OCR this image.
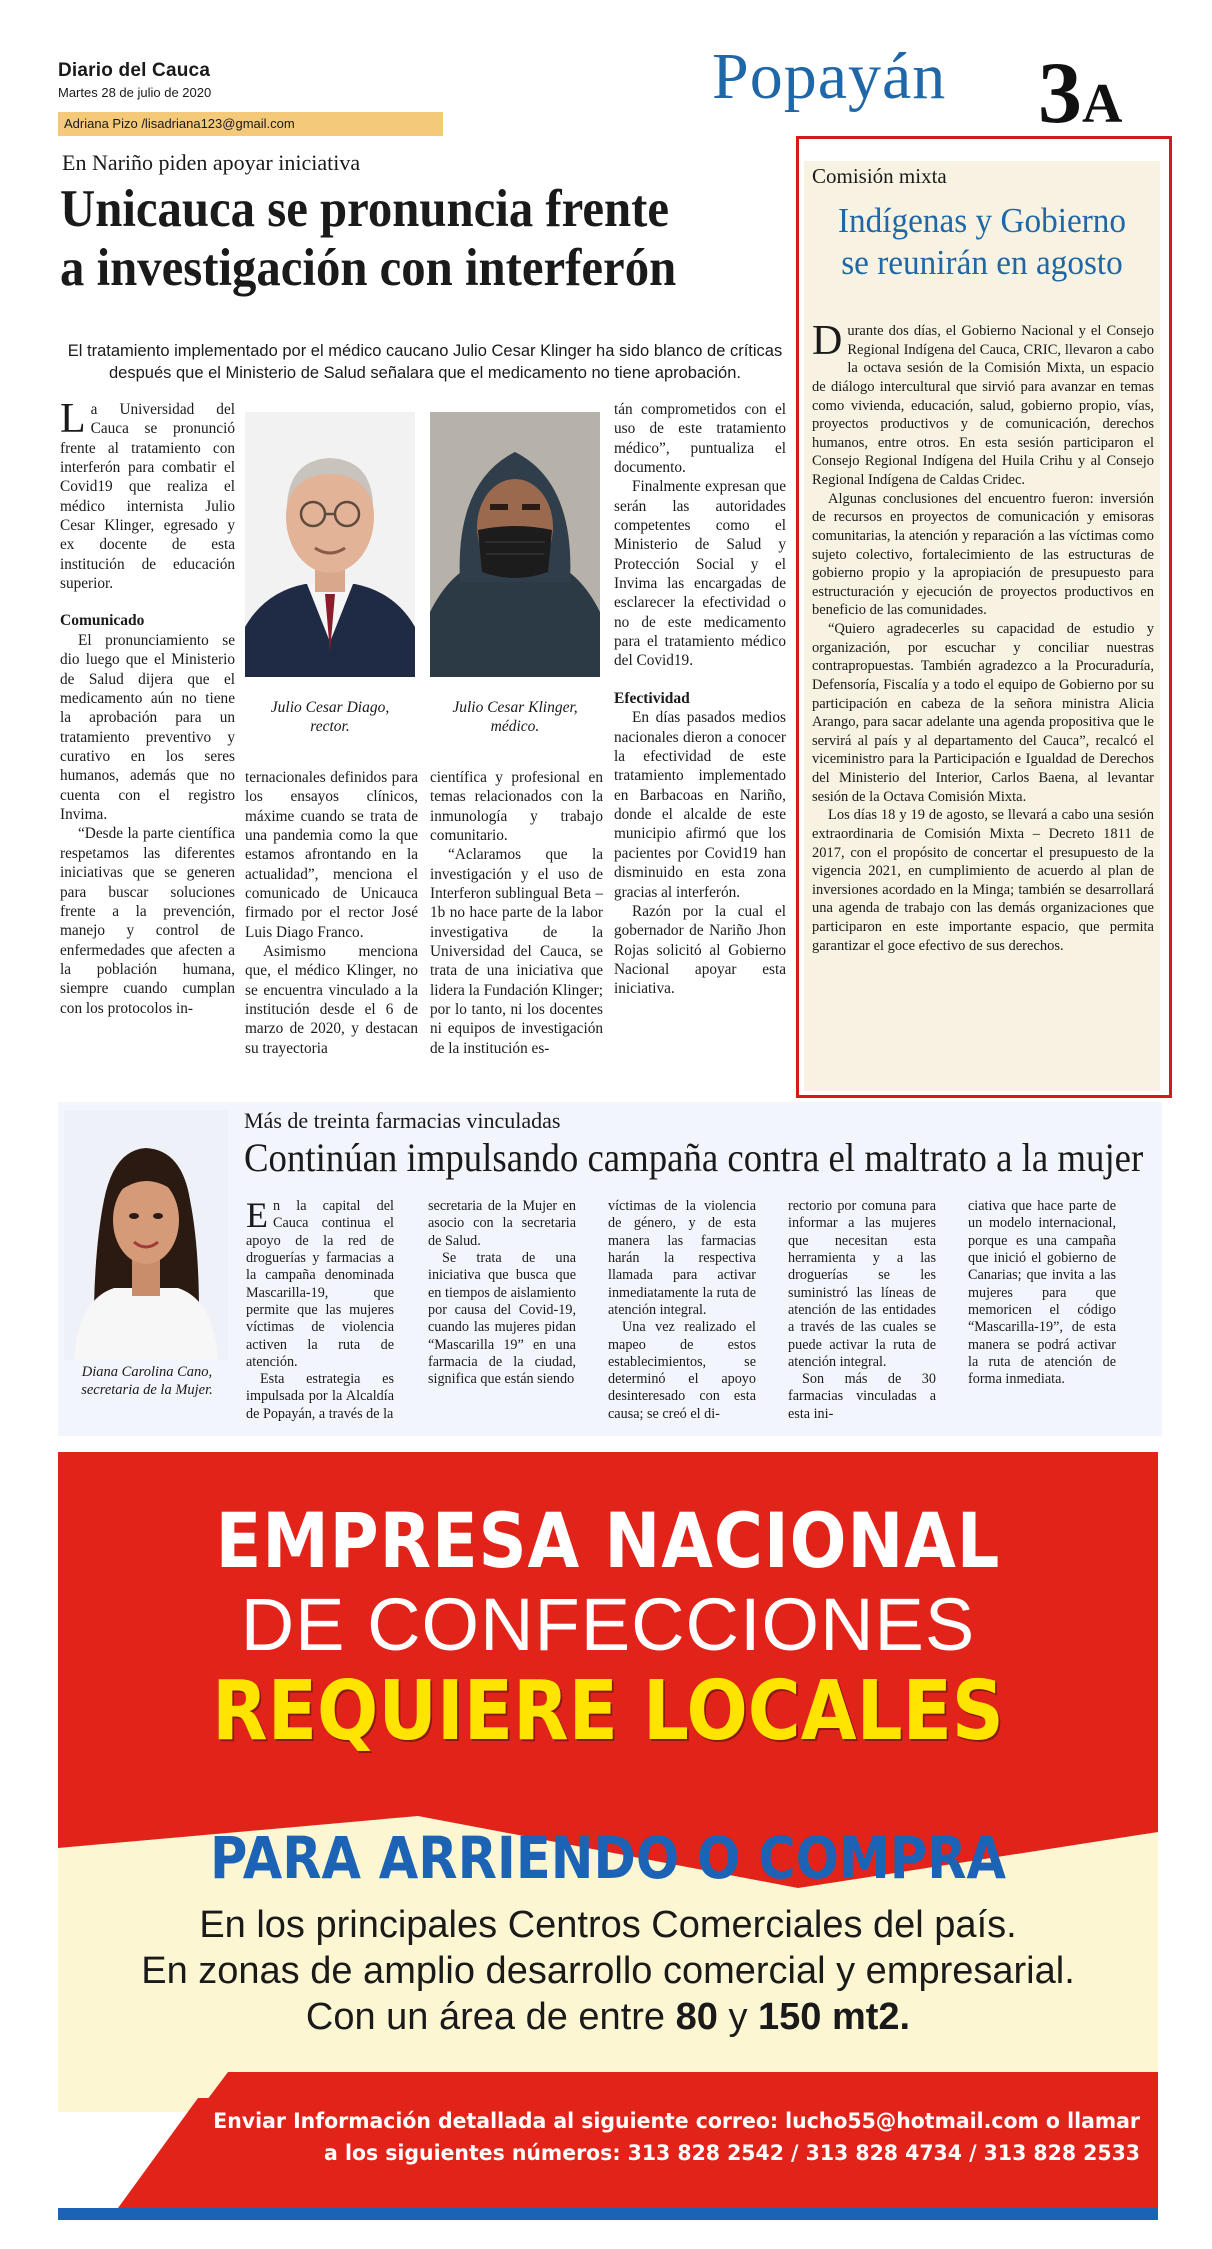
Diario del Cauca
Martes 28 de julio de 2020
Adriana Pizo /lisadriana123@gmail.com
Popayán 3A
En Nariño piden apoyar iniciativa
Unicauca se pronuncia frente
a investigación con interferón
El tratamiento implementado por el médico caucano Julio Cesar Klinger ha sido blanco de críticas
después que el Ministerio de Salud señalara que el medicamento no tiene aprobación.

La Universidad del Cauca se pronunció frente al tratamiento con interferón para combatir el Covid19 que realiza el médico internista Julio Cesar Klinger, egresado y ex docente de esta institución de educación superior.

Comunicado

El pronunciamiento se dio luego que el Ministerio de Salud dijera que el medicamento aún no tiene la aprobación para un tratamiento preventivo y curativo en los seres humanos, además que no cuenta con el registro Invima.

“Desde la parte científica respetamos las diferentes iniciativas que se generen para buscar soluciones frente a la prevención, manejo y control de enfermedades que afecten a la población humana, siempre cuando cumplan con los protocolos in-

Julio Cesar Diago,
rector.
Julio Cesar Klinger,
médico.

ternacionales definidos para los ensayos clínicos, máxime cuando se trata de una pandemia como la que estamos afrontando en la actualidad”, menciona el comunicado de Unicauca firmado por el rector José Luis Diago Franco.

Asimismo menciona que, el médico Klinger, no se encuentra vinculado a la institución desde el 6 de marzo de 2020, y destacan su trayectoria

científica y profesional en temas relacionados con la inmunología y trabajo comunitario.

“Aclaramos que la investigación y el uso de Interferon sublingual Beta – 1b no hace parte de la labor investigativa de la Universidad del Cauca, se trata de una iniciativa que lidera la Fundación Klinger; por lo tanto, ni los docentes ni equipos de investigación de la institución es-

tán comprometidos con el uso de este tratamiento médico”, puntualiza el documento.

Finalmente expresan que serán las autoridades competentes como el Ministerio de Salud y Protección Social y el Invima las encargadas de esclarecer la efectividad o no de este medicamento para el tratamiento médico del Covid19.

Efectividad

En días pasados medios nacionales dieron a conocer la efectividad de este tratamiento implementado en Barbacoas en Nariño, donde el alcalde de este municipio afirmó que los pacientes por Covid19 han disminuido en esta zona gracias al interferón.

Razón por la cual el gobernador de Nariño Jhon Rojas solicitó al Gobierno Nacional apoyar esta iniciativa.

Comisión mixta
Indígenas y Gobierno
se reunirán en agosto

Durante dos días, el Gobierno Nacional y el Consejo Regional Indígena del Cauca, CRIC, llevaron a cabo la octava sesión de la Comisión Mixta, un espacio de diálogo intercultural que sirvió para avanzar en temas como vivienda, educación, salud, gobierno propio, vías, proyectos productivos y de comunicación, derechos humanos, entre otros. En esta sesión participaron el Consejo Regional Indígena del Huila Crihu y al Consejo Regional Indígena de Caldas Cridec.

Algunas conclusiones del encuentro fueron: inversión de recursos en proyectos de comunicación y emisoras comunitarias, la atención y reparación a las víctimas como sujeto colectivo, fortalecimiento de las estructuras de gobierno propio y la apropiación de presupuesto para estructuración y ejecución de proyectos productivos en beneficio de las comunidades.

“Quiero agradecerles su capacidad de estudio y organización, por escuchar y conciliar nuestras contrapropuestas. También agradezco a la Procuraduría, Defensoría, Fiscalía y a todo el equipo de Gobierno por su participación en cabeza de la señora ministra Alicia Arango, para sacar adelante una agenda propositiva que le servirá al país y al departamento del Cauca”, recalcó el viceministro para la Participación e Igualdad de Derechos del Ministerio del Interior, Carlos Baena, al levantar sesión de la Octava Comisión Mixta.

Los días 18 y 19 de agosto, se llevará a cabo una sesión extraordinaria de Comisión Mixta – Decreto 1811 de 2017, con el propósito de concertar el presupuesto de la vigencia 2021, en cumplimiento de acuerdo al plan de inversiones acordado en la Minga; también se desarrollará una agenda de trabajo con las demás organizaciones que participaron en este importante espacio, que permita garantizar el goce efectivo de sus derechos.

Diana Carolina Cano,
secretaria de la Mujer.
Más de treinta farmacias vinculadas
Continúan impulsando campaña contra el maltrato a la mujer

En la capital del Cauca continua el apoyo de la red de droguerías y farmacias a la campaña denominada Mascarilla-19, que permite que las mujeres víctimas de violencia activen la ruta de atención.

Esta estrategia es impulsada por la Alcaldía de Popayán, a través de la

secretaria de la Mujer en asocio con la secretaria de Salud.

Se trata de una iniciativa que busca que en tiempos de aislamiento por causa del Covid-19, cuando las mujeres pidan “Mascarilla 19” en una farmacia de la ciudad, significa que están siendo

víctimas de la violencia de género, y de esta manera las farmacias harán la respectiva llamada para activar inmediatamente la ruta de atención integral.

Una vez realizado el mapeo de estos establecimientos, se determinó el apoyo desinteresado con esta causa; se creó el di-

rectorio por comuna para informar a las mujeres que necesitan esta herramienta y a las droguerías se les suministró las líneas de atención de las entidades a través de las cuales se puede activar la ruta de atención integral.

Son más de 30 farmacias vinculadas a esta ini-

ciativa que hace parte de un modelo internacional, porque es una campaña que inició el gobierno de Canarias; que invita a las mujeres para que memoricen el código “Mascarilla-19”, de esta manera se podrá activar la ruta de atención de forma inmediata.

EMPRESA NACIONAL
DE CONFECCIONES
REQUIERE LOCALES
PARA ARRIENDO O COMPRA
En los principales Centros Comerciales del país.
En zonas de amplio desarrollo comercial y empresarial.
Con un área de entre 80 y 150 mt2.
Enviar Información detallada al siguiente correo: lucho55@hotmail.com o llamar
a los siguientes números: 313 828 2542 / 313 828 4734 / 313 828 2533
